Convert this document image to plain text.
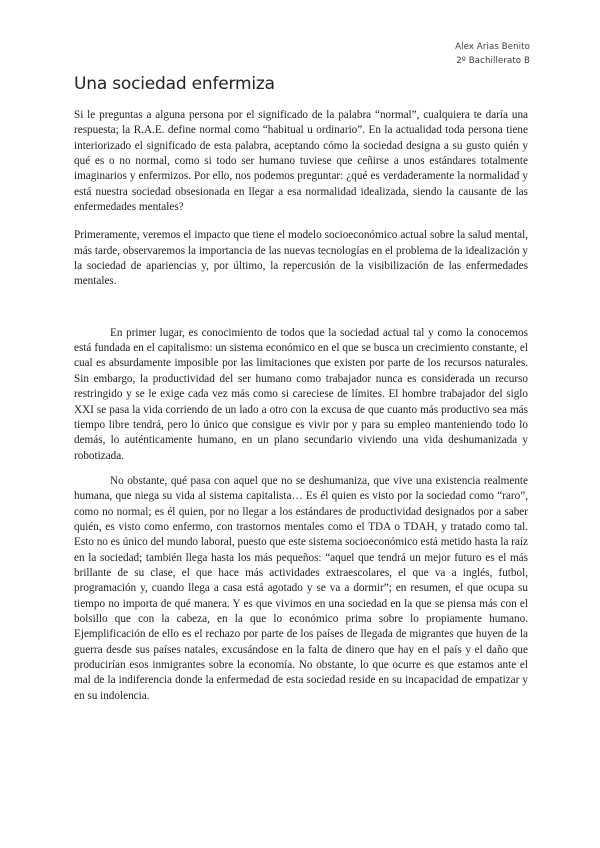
Alex Arias Benito
2º Bachillerato B
Una sociedad enfermiza

Si le preguntas a alguna persona por el significado de la palabra “normal”, cualquiera te daría una respuesta; la R.A.E. define normal como “habitual u ordinario”. En la actualidad toda persona tiene interiorizado el significado de esta palabra, aceptando cómo la sociedad designa a su gusto quién y qué es o no normal, como si todo ser humano tuviese que ceñirse a unos estándares totalmente imaginarios y enfermizos. Por ello, nos podemos preguntar: ¿qué es verdaderamente la normalidad y está nuestra sociedad obsesionada en llegar a esa normalidad idealizada, siendo la causante de las enfermedades mentales?

Primeramente, veremos el impacto que tiene el modelo socioeconómico actual sobre la salud mental, más tarde, observaremos la importancia de las nuevas tecnologías en el problema de la idealización y la sociedad de apariencias y, por último, la repercusión de la visibilización de las enfermedades mentales.

En primer lugar, es conocimiento de todos que la sociedad actual tal y como la conocemos está fundada en el capitalismo: un sistema económico en el que se busca un crecimiento constante, el cual es absurdamente imposible por las limitaciones que existen por parte de los recursos naturales. Sin embargo, la productividad del ser humano como trabajador nunca es considerada un recurso restringido y se le exige cada vez más como si careciese de límites. El hombre trabajador del siglo XXI se pasa la vida corriendo de un lado a otro con la excusa de que cuanto más productivo sea más tiempo libre tendrá, pero lo único que consigue es vivir por y para su empleo manteniendo todo lo demás, lo auténticamente humano, en un plano secundario viviendo una vida deshumanizada y robotizada.

No obstante, qué pasa con aquel que no se deshumaniza, que vive una existencia realmente humana, que niega su vida al sistema capitalista… Es él quien es visto por la sociedad como “raro”, como no normal; es él quien, por no llegar a los estándares de productividad designados por a saber quién, es visto como enfermo, con trastornos mentales como el TDA o TDAH, y tratado como tal. Esto no es único del mundo laboral, puesto que este sistema socioeconómico está metido hasta la raíz en la sociedad; también llega hasta los más pequeños: “aquel que tendrá un mejor futuro es el más brillante de su clase, el que hace más actividades extraescolares, el que va a inglés, futbol, programación y, cuando llega a casa está agotado y se va a dormir”; en resumen, el que ocupa su tiempo no importa de qué manera. Y es que vivimos en una sociedad en la que se piensa más con el bolsillo que con la cabeza, en la que lo económico prima sobre lo propiamente humano. Ejemplificación de ello es el rechazo por parte de los países de llegada de migrantes que huyen de la guerra desde sus países natales, excusándose en la falta de dinero que hay en el país y el daño que producirían esos inmigrantes sobre la economía. No obstante, lo que ocurre es que estamos ante el mal de la indiferencia donde la enfermedad de esta sociedad reside en su incapacidad de empatizar y en su indolencia.
